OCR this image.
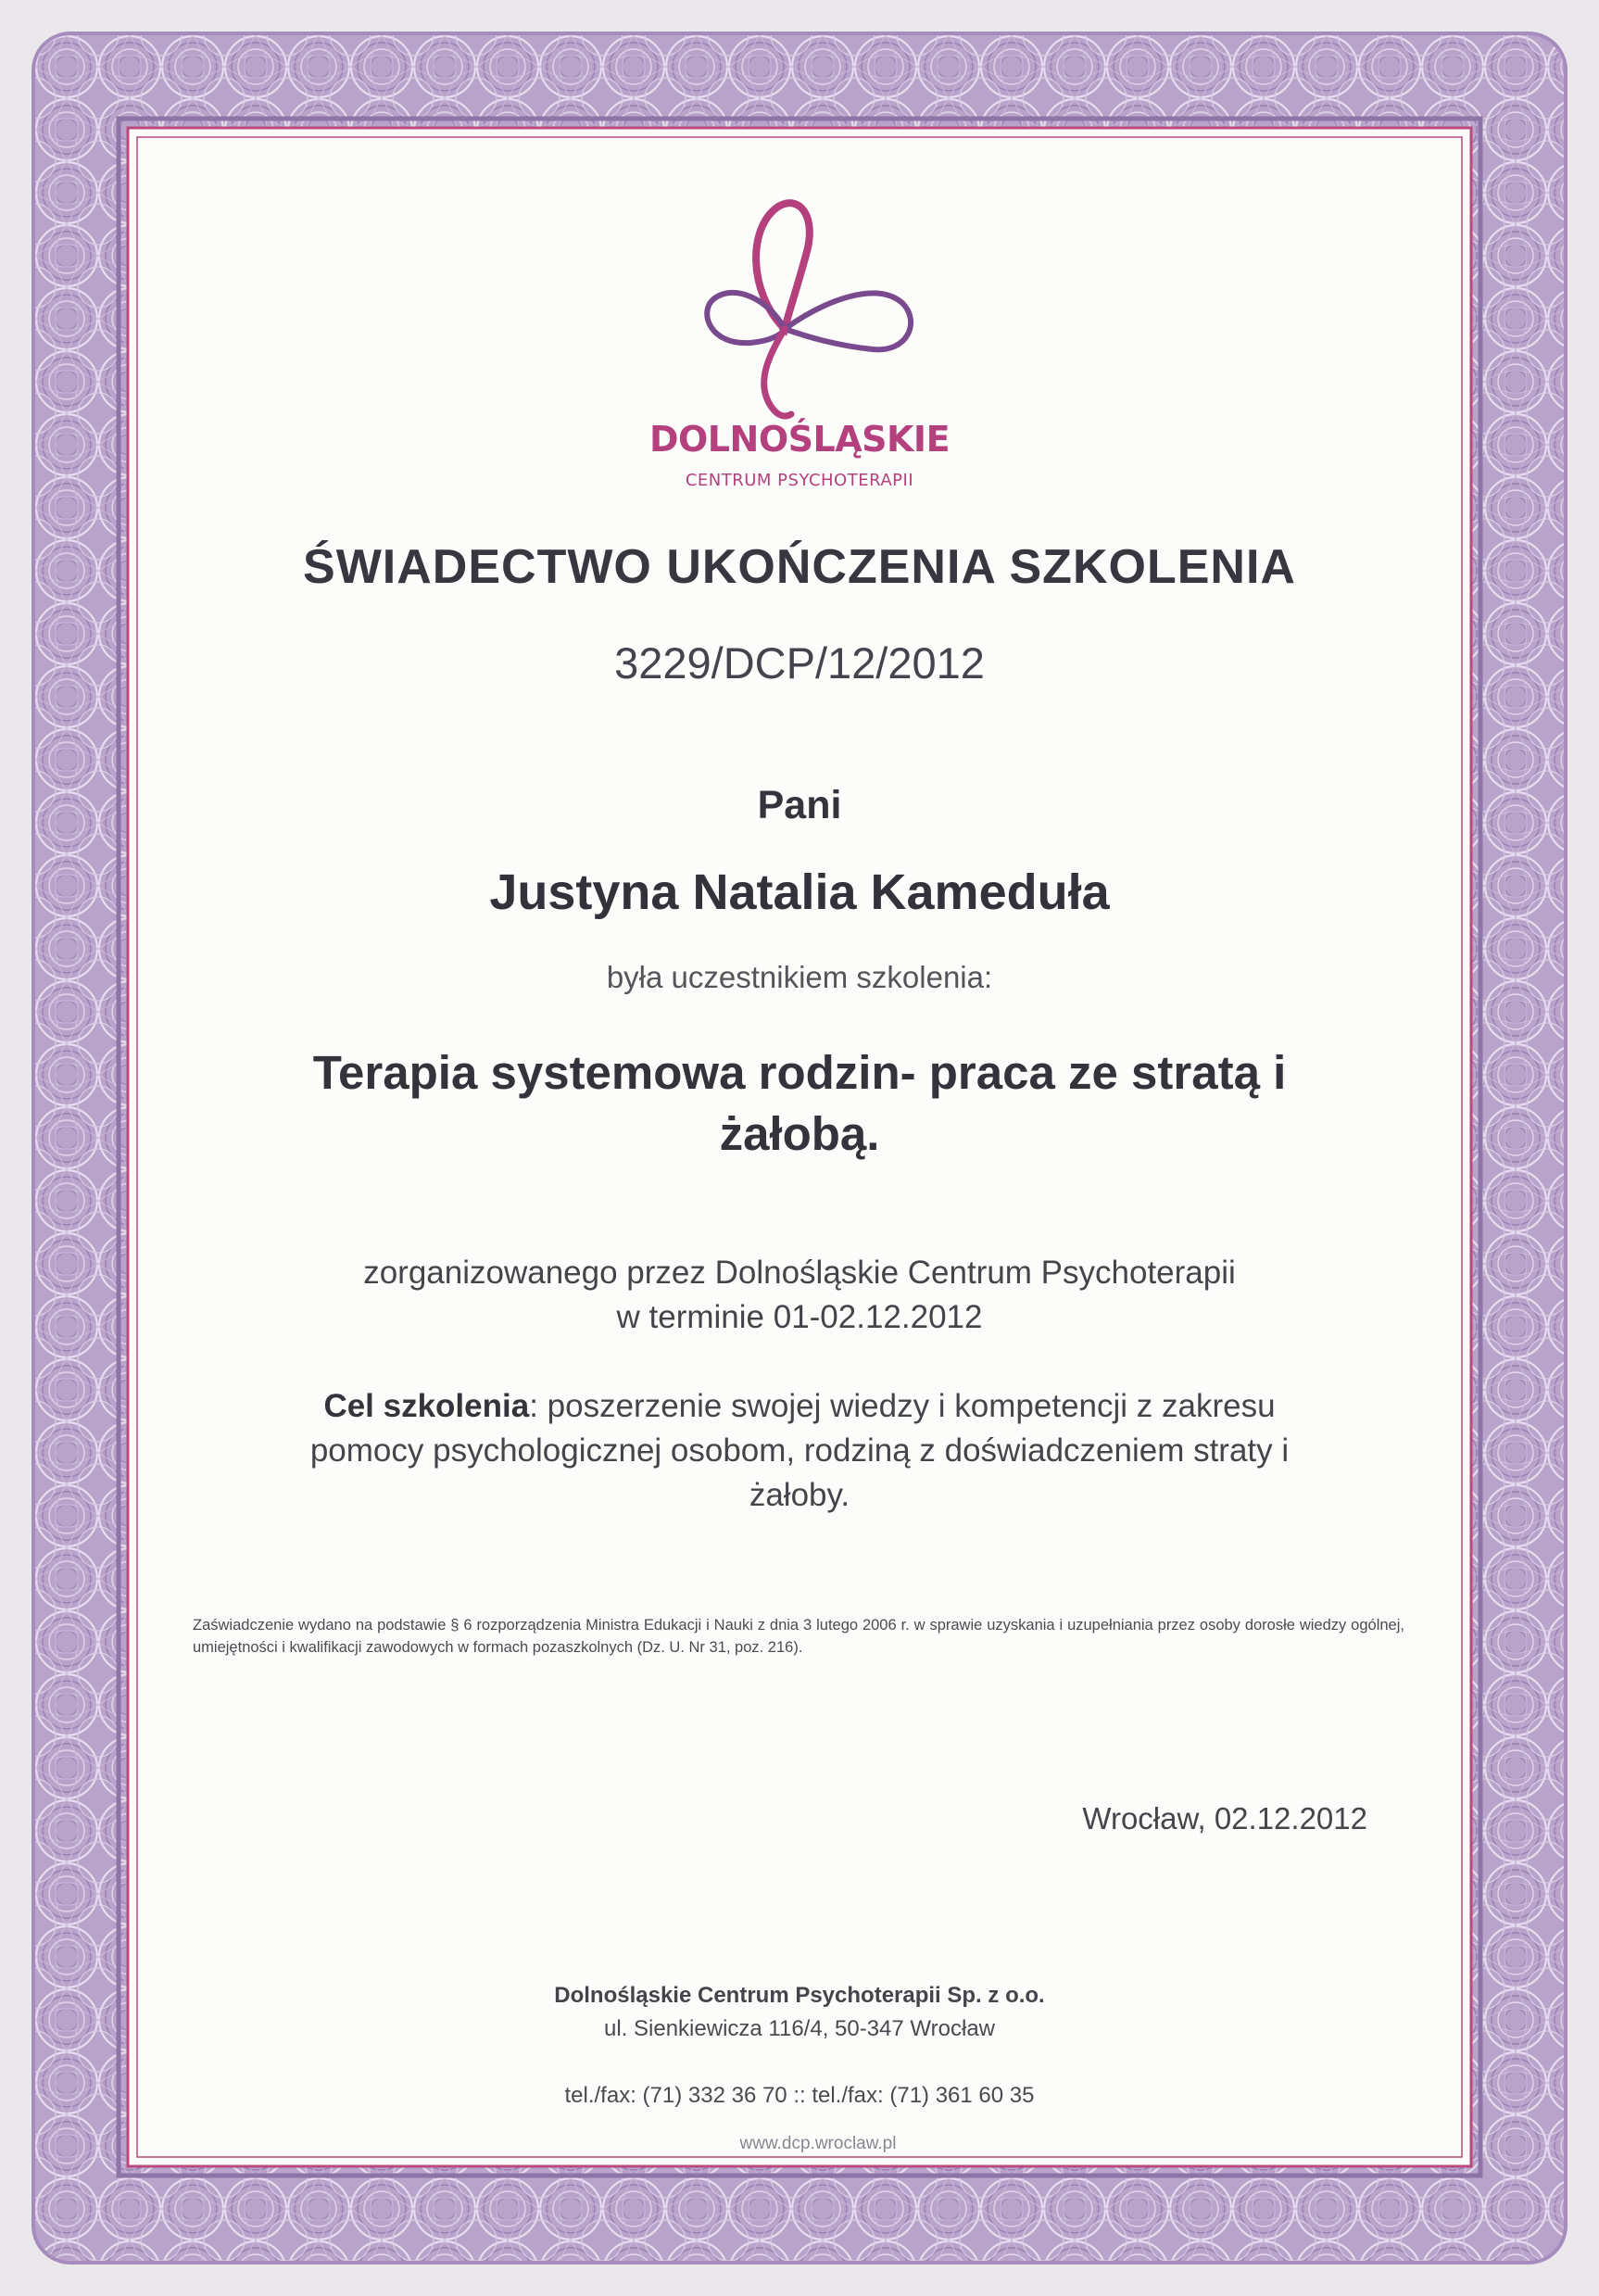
DOLNOŚLĄSKIE
CENTRUM PSYCHOTERAPII
ŚWIADECTWO UKOŃCZENIA SZKOLENIA
3229/DCP/12/2012
Pani
Justyna Natalia Kameduła
była uczestnikiem szkolenia:
Terapia systemowa rodzin- praca ze stratą i
żałobą.
zorganizowanego przez Dolnośląskie Centrum Psychoterapii
w terminie 01-02.12.2012
Cel szkolenia: poszerzenie swojej wiedzy i kompetencji z zakresu
pomocy psychologicznej osobom, rodziną z doświadczeniem straty i
żałoby.
Zaświadczenie wydano na podstawie § 6 rozporządzenia Ministra Edukacji i Nauki z dnia 3 lutego 2006 r. w sprawie uzyskania i uzupełniania przez osoby dorosłe wiedzy ogólnej, umiejętności i kwalifikacji zawodowych w formach pozaszkolnych (Dz. U. Nr 31, poz. 216).
Wrocław, 02.12.2012
Dolnośląskie Centrum Psychoterapii Sp. z o.o.
ul. Sienkiewicza 116/4, 50-347 Wrocław
tel./fax: (71) 332 36 70 :: tel./fax: (71) 361 60 35
www.dcp.wroclaw.pl
